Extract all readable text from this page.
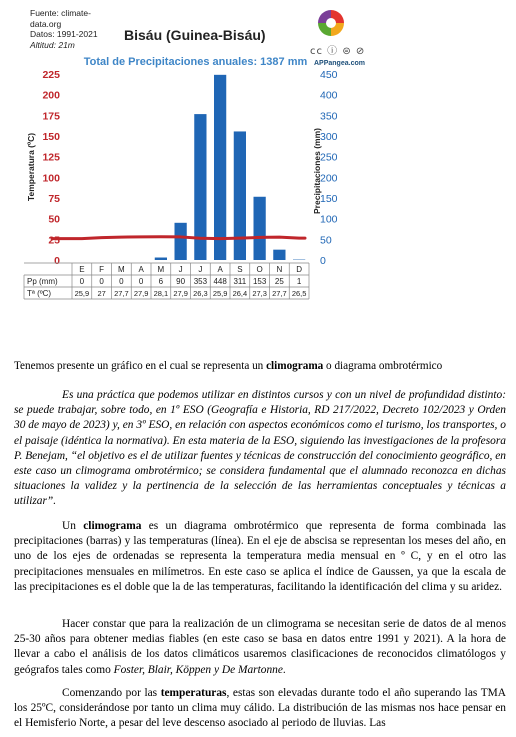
Fuente: climate-
data.org
Datos: 1991-2021
Altitud: 21m
Bisáu (Guinea-Bisáu)
cc ⓘ ⊜ ⊘
APPangea.com
Total de Precipitaciones anuales: 1387 mm
0
25
50
75
100
125
150
175
200
225
0
50
100
150
200
250
300
350
400
450
Temperatura (ºC)	Precipitaciones (mm)
E F M A M J J A S O N D
Pp (mm)
Tª (ºC)
0 0 0 0 6 90 353 448 311 153 25 1
25,9 27 27,7 27,9 28,1 27,9 26,3 25,9 26,4 27,3 27,7 26,5
Tenemos presente un gráfico en el cual se representa un climograma o diagrama ombrotérmico
Es una práctica que podemos utilizar en distintos cursos y con un nivel de profundidad distinto: se puede trabajar, sobre todo, en 1º ESO (Geografía e Historia, RD 217/2022, Decreto 102/2023 y Orden 30 de mayo de 2023) y, en 3º ESO, en relación con aspectos económicos como el turismo, los transportes, o el paisaje (idéntica la normativa). En esta materia de la ESO, siguiendo las investigaciones de la profesora P. Benejam, “el objetivo es el de utilizar fuentes y técnicas de construcción del conocimiento geográfico, en este caso un climograma ombrotérmico; se considera fundamental que el alumnado reconozca en dichas situaciones la validez y la pertinencia de la selección de las herramientas conceptuales y técnicas a utilizar”.
Un climograma es un diagrama ombrotérmico que representa de forma combinada las precipitaciones (barras) y las temperaturas (línea). En el eje de abscisa se representan los meses del año, en uno de los ejes de ordenadas se representa la temperatura media mensual en º C, y en el otro las precipitaciones mensuales en milímetros. En este caso se aplica el índice de Gaussen, ya que la escala de las precipitaciones es el doble que la de las temperaturas, facilitando la identificación del clima y su aridez.
Hacer constar que para la realización de un climograma se necesitan serie de datos de al menos 25-30 años para obtener medias fiables (en este caso se basa en datos entre 1991 y 2021). A la hora de llevar a cabo el análisis de los datos climáticos usaremos clasificaciones de reconocidos climatólogos y geógrafos tales como Foster, Blair, Köppen y De Martonne.
Comenzando por las temperaturas, estas son elevadas durante todo el año superando las TMA los 25ºC, considerándose por tanto un clima muy cálido. La distribución de las mismas nos hace pensar en el Hemisferio Norte, a pesar del leve descenso asociado al periodo de lluvias. Las
